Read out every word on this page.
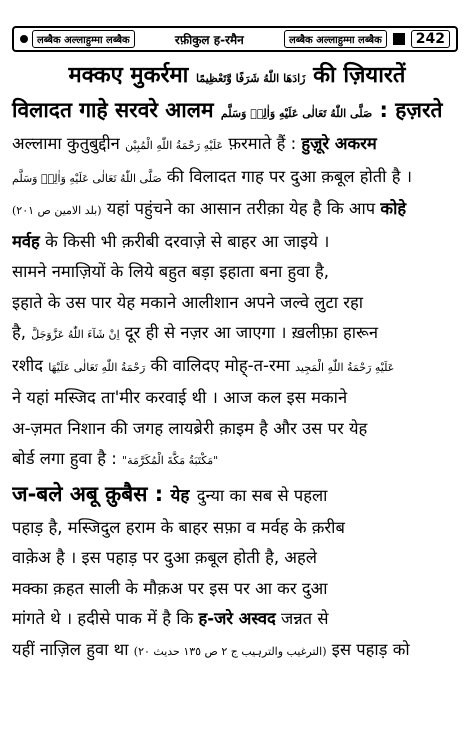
लब्बैक अल्लाहुम्मा लब्बैक	रफ़ीकुल ह-रमैन	लब्बैक अल्लाहुम्मा लब्बैक	242
मक्कए मुकर्रमा زَادَهَا اللّٰهُ شَرَفًا وَّتَعْظِيمًا की ज़ियारतें
विलादत गाहे सरवरे आलम صَلَّى اللّٰهُ تَعَالٰى عَلَيْهِ وَاٰلِهٖ وَسَلَّم : हज़रते
अल्लामा कुतुबुद्दीन عَلَيْهِ رَحْمَةُ اللّٰهِ الْمُبِيْن फ़रमाते हैं : हुज़ूरे अकरम
صَلَّى اللّٰهُ تَعَالٰى عَلَيْهِ وَاٰلِهٖ وَسَلَّم की विलादत गाह पर दुआ क़बूल होती है ।
(بلد الامین ص ٢٠١) यहां पहुंचने का आसान तरीक़ा येह है कि आप कोहे
मर्वह के किसी भी क़रीबी दरवाज़े से बाहर आ जाइये ।
सामने नमाज़ियों के लिये बहुत बड़ा इहाता बना हुवा है,
इहाते के उस पार येह मकाने आलीशान अपने जल्वे लुटा रहा
है, اِنْ شَآءَ اللّٰهُ عَزَّوَجَلَّ दूर ही से नज़र आ जाएगा । ख़लीफ़ा हारून
रशीद رَحْمَةُ اللّٰهِ تَعَالٰى عَلَيْهَا की वालिदए मोह्-त-रमा عَلَيْهِ رَحْمَةُ اللّٰهِ الْمَجِيد
ने यहां मस्जिद ता'मीर करवाई थी । आज कल इस मकाने
अ-ज़मत निशान की जगह लायब्रेरी क़ाइम है और उस पर येह
बोर्ड लगा हुवा है : "مَكْتَبَةُ مَكَّةَ الْمُكَرَّمَة"
ज-बले अबू क़ुबैस : येह दुन्या का सब से पहला
पहाड़ है, मस्जिदुल हराम के बाहर सफ़ा व मर्वह के क़रीब
वाक़ेअ है । इस पहाड़ पर दुआ क़बूल होती है, अहले
मक्का क़हत साली के मौक़अ पर इस पर आ कर दुआ
मांगते थे । हदीसे पाक में है कि ह-जरे अस्वद जन्नत से
यहीं नाज़िल हुवा था (الترغیب والترہیب ج ٢ ص ١٣٥ حدیث ٢٠) इस पहाड़ को
